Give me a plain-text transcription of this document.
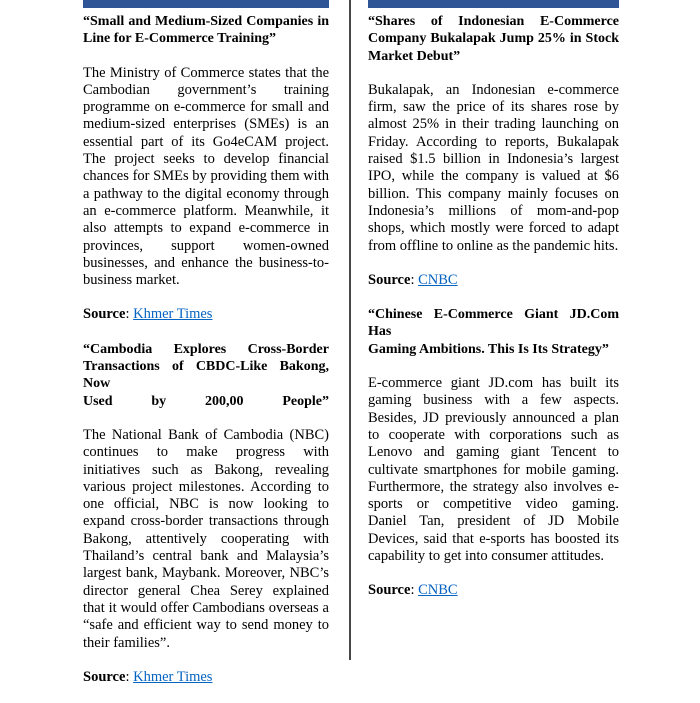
“Small and Medium-Sized Companies in
Line for E-Commerce Training”

The Ministry of Commerce states that the Cambodian government’s training programme on e-commerce for small and medium-sized enterprises (SMEs) is an essential part of its Go4eCAM project. The project seeks to develop financial chances for SMEs by providing them with a pathway to the digital economy through an e-commerce platform. Meanwhile, it also attempts to expand e-commerce in provinces, support women-owned businesses, and enhance the business-to-business market.

Source: Khmer Times

“Cambodia Explores Cross-Border
Transactions of CBDC-Like Bakong, Now
Used by 200,00 People”

The National Bank of Cambodia (NBC) continues to make progress with initiatives such as Bakong, revealing various project milestones. According to one official, NBC is now looking to expand cross-border transactions through Bakong, attentively cooperating with Thailand’s central bank and Malaysia’s largest bank, Maybank. Moreover, NBC’s director general Chea Serey explained that it would offer Cambodians overseas a “safe and efficient way to send money to their families”.

Source: Khmer Times

“Shares of Indonesian E-Commerce
Company Bukalapak Jump 25% in Stock
Market Debut”

Bukalapak, an Indonesian e-commerce firm, saw the price of its shares rose by almost 25% in their trading launching on Friday. According to reports, Bukalapak raised $1.5 billion in Indonesia’s largest IPO, while the company is valued at $6 billion. This company mainly focuses on Indonesia’s millions of mom-and-pop shops, which mostly were forced to adapt from offline to online as the pandemic hits.

Source: CNBC

“Chinese E-Commerce Giant JD.Com Has
Gaming Ambitions. This Is Its Strategy”

E-commerce giant JD.com has built its gaming business with a few aspects. Besides, JD previously announced a plan to cooperate with corporations such as Lenovo and gaming giant Tencent to cultivate smartphones for mobile gaming. Furthermore, the strategy also involves e-sports or competitive video gaming. Daniel Tan, president of JD Mobile Devices, said that e-sports has boosted its capability to get into consumer attitudes.

Source: CNBC
